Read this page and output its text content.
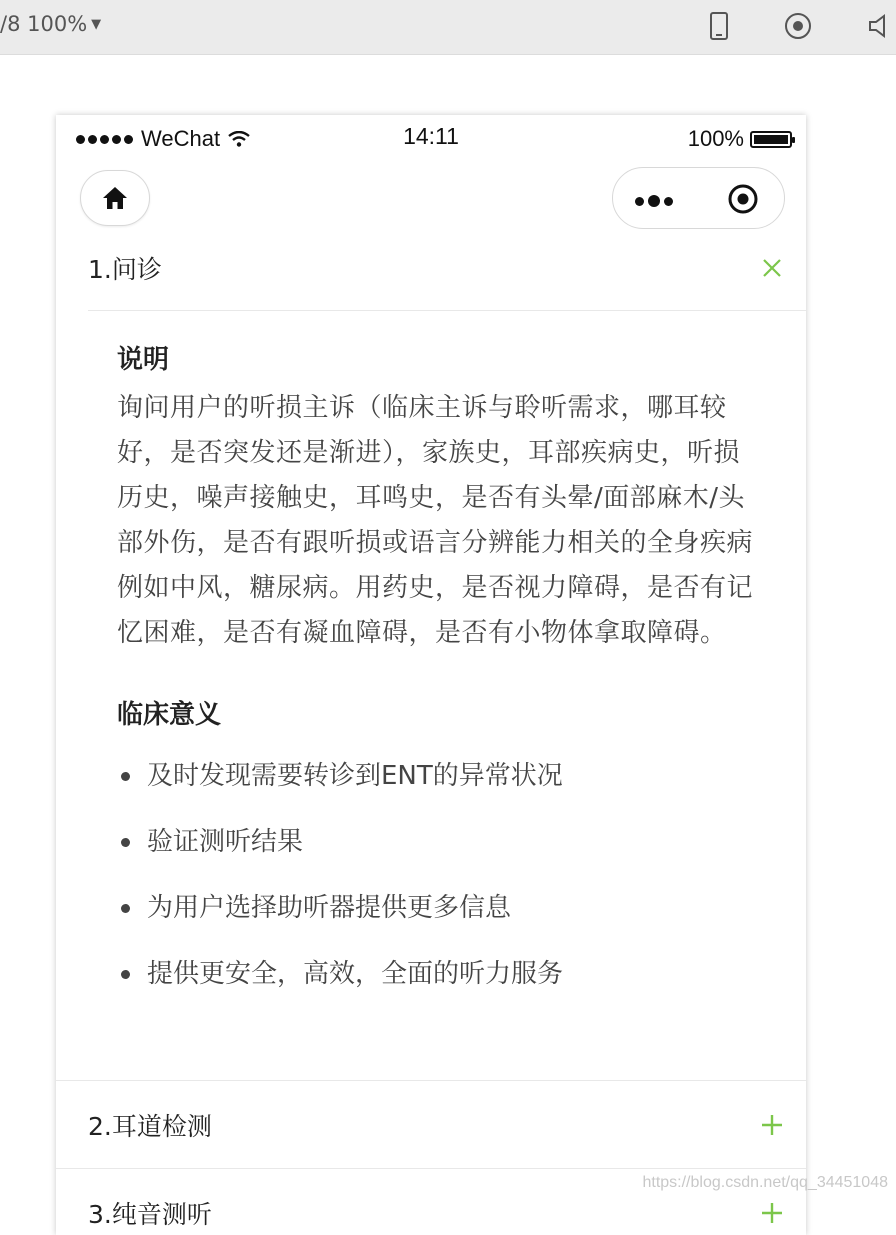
/8 100% ▼
WeChat	14:11	100%
1.问诊

说明

询问用户的听损主诉（临床主诉与聆听需求，哪耳较好，是否突发还是渐进），家族史，耳部疾病史，听损历史，噪声接触史，耳鸣史，是否有头晕/面部麻木/头部外伤，是否有跟听损或语言分辨能力相关的全身疾病例如中风，糖尿病。用药史，是否视力障碍，是否有记忆困难，是否有凝血障碍，是否有小物体拿取障碍。

临床意义

及时发现需要转诊到ENT的异常状况
验证测听结果
为用户选择助听器提供更多信息
提供更安全，高效，全面的听力服务
2.耳道检测
3.纯音测听
https://blog.csdn.net/qq_34451048
